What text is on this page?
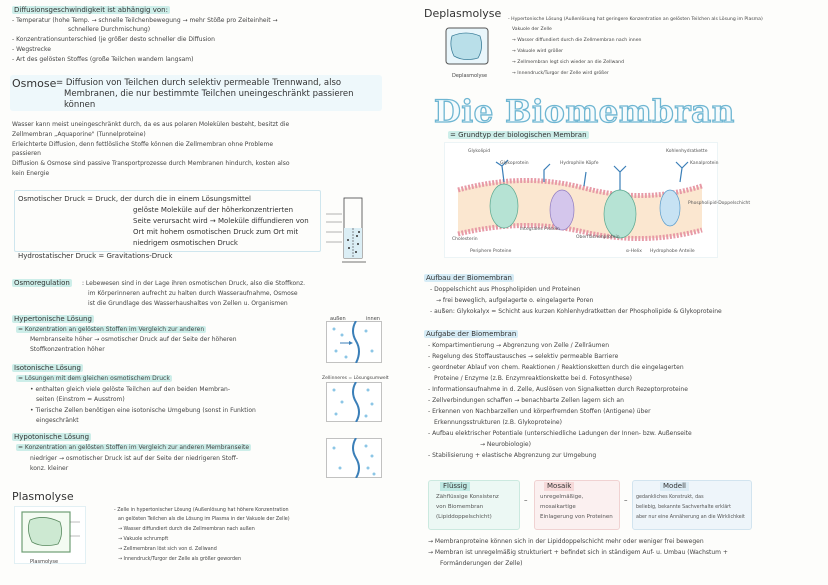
Diffusionsgeschwindigkeit ist abhängig von:
- Temperatur (hohe Temp. → schnelle Teilchenbewegung → mehr Stöße pro Zeiteinheit →
schnellere Durchmischung)
- Konzentrationsunterschied (je größer desto schneller die Diffusion
- Wegstrecke
- Art des gelösten Stoffes (große Teilchen wandern langsam)
Osmose = Diffusion von Teilchen durch selektiv permeable Trennwand, also
Membranen, die nur bestimmte Teilchen uneingeschränkt passieren
können
Wasser kann meist uneingeschränkt durch, da es aus polaren Molekülen besteht, besitzt die
Zellmembran „Aquaporine" (Tunnelproteine)
Erleichterte Diffusion, denn fettlösliche Stoffe können die Zellmembran ohne Probleme
passieren
Diffusion & Osmose sind passive Transportprozesse durch Membranen hindurch, kosten also
kein Energie
Osmotischer Druck = Druck, der durch die in einem Lösungsmittel
gelöste Moleküle auf der höherkonzentrierten
Seite verursacht wird → Moleküle diffundieren von
Ort mit hohem osmotischen Druck zum Ort mit
niedrigem osmotischen Druck
Hydrostatischer Druck = Gravitations-Druck
Osmoregulation	: Lebewesen sind in der Lage ihren osmotischen Druck, also die Stoffkonz.
im Körperinneren aufrecht zu halten durch Wasseraufnahme, Osmose
ist die Grundlage des Wasserhaushaltes von Zellen u. Organismen
Hypertonische Lösung
= Konzentration an gelösten Stoffen im Vergleich zur anderen
Membranseite höher → osmotischer Druck auf der Seite der höheren
Stoffkonzentration höher
Isotonische Lösung
= Lösungen mit dem gleichen osmotischem Druck
• enthalten gleich viele gelöste Teilchen auf den beiden Membran-
seiten (Einstrom = Ausstrom)
• Tierische Zellen benötigen eine isotonische Umgebung (sonst in Funktion
eingeschränkt
Hypotonische Lösung
= Konzentration an gelösten Stoffen im Vergleich zur anderen Membranseite
niedriger → osmotischer Druck ist auf der Seite der niedrigeren Stoff-
konz. kleiner
außen	innen
Zellinneres = Lösungsumwelt
Plasmolyse
Plasmolyse
- Zelle in hypertonischer Lösung (Außenlösung hat höhere Konzentration
an gelösten Teilchen als die Lösung im Plasma in der Vakuole der Zelle)
→ Wasser diffundiert durch die Zellmembran nach außen
→ Vakuole schrumpft
→ Zellmembran löst sich von d. Zellwand
→ Innendruck/Turgor der Zelle als größer geworden
Deplasmolyse
Deplasmolyse
- Hypertonische Lösung (Außenlösung hat geringere Konzentration an gelösten Teilchen als Lösung im Plasma)
Vakuole der Zelle
→ Wasser diffundiert durch die Zellmembran nach innen
→ Vakuole wird größer
→ Zellmembran legt sich wieder an die Zellwand
→ Innendruck/Turgor der Zelle wird größer
Die Biomembran
= Grundtyp der biologischen Membran
Glykolipid
Glykoprotein
Kohlenhydratkette
Integrales Protein
Periphere Proteine
Cholesterin
Phospholipid-Doppelschicht
Oberflächenprotein
Hydrophobe Anteile
α-Helix
Kanalprotein
Hydrophile Köpfe
Aufbau der Biomembran
- Doppelschicht aus Phospholipiden und Proteinen
→ frei beweglich, aufgelagerte o. eingelagerte Poren
- außen: Glykokalyx = Schicht aus kurzen Kohlenhydratketten der Phospholipide & Glykoproteine
Aufgabe der Biomembran
- Kompartimentierung → Abgrenzung von Zelle / Zellräumen
- Regelung des Stoffaustausches → selektiv permeable Barriere
- geordneter Ablauf von chem. Reaktionen / Reaktionsketten durch die eingelagerten
Proteine / Enzyme (z.B. Enzymreaktionskette bei d. Fotosynthese)
- Informationsaufnahme in d. Zelle, Auslösen von Signalketten durch Rezeptorproteine
- Zellverbindungen schaffen → benachbarte Zellen lagern sich an
- Erkennen von Nachbarzellen und körperfremden Stoffen (Antigene) über
Erkennungsstrukturen (z.B. Glykoproteine)
- Aufbau elektrischer Potentiale (unterschiedliche Ladungen der Innen- bzw. Außenseite
→ Neurobiologie)
- Stabilisierung + elastische Abgrenzung zur Umgebung
Flüssig
Zähflüssige Konsistenz
von Biomembran
(Lipiddoppelschicht)
–
Mosaik
unregelmäßige,
mosaikartige
Einlagerung von Proteinen
–
Modell
gedankliches Konstrukt, das
beliebig, bekannte Sachverhalte erklärt
aber nur eine Annäherung an die Wirklichkeit
→ Membranproteine können sich in der Lipiddoppelschicht mehr oder weniger frei bewegen
→ Membran ist unregelmäßig strukturiert + befindet sich in ständigem Auf- u. Umbau (Wachstum +
Formänderungen der Zelle)
